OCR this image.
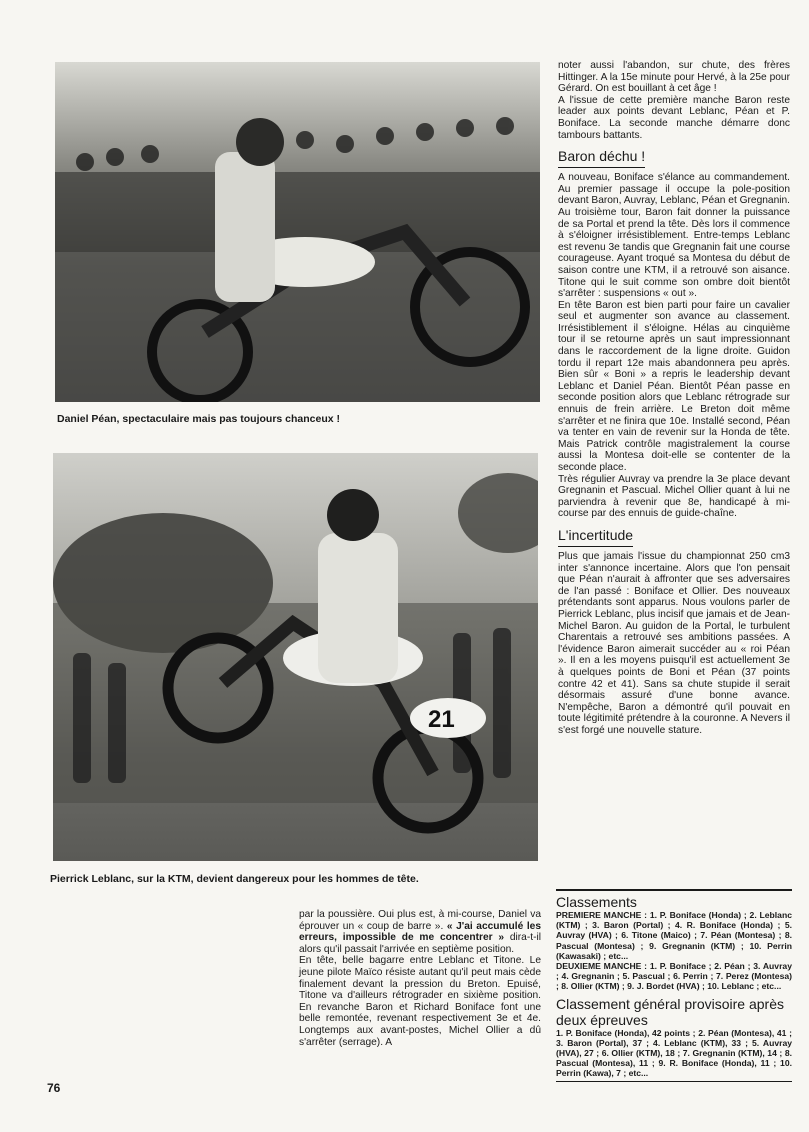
Daniel Péan, spectaculaire mais pas toujours chanceux !
21
Pierrick Leblanc, sur la KTM, devient dangereux pour les hommes de tête.

par la poussière. Oui plus est, à mi-course, Daniel va éprouver un « coup de barre ». « J'ai accumulé les erreurs, impossible de me concentrer » dira-t-il alors qu'il passait l'arrivée en septième position.

En tête, belle bagarre entre Leblanc et Titone. Le jeune pilote Maïco résiste autant qu'il peut mais cède finalement devant la pression du Breton. Epuisé, Titone va d'ailleurs rétrograder en sixième position. En revanche Baron et Richard Boniface font une belle remontée, revenant respectivement 3e et 4e. Longtemps aux avant-postes, Michel Ollier a dû s'arrêter (serrage). A

noter aussi l'abandon, sur chute, des frères Hittinger. A la 15e minute pour Hervé, à la 25e pour Gérard. On est bouillant à cet âge !

A l'issue de cette première manche Baron reste leader aux points devant Leblanc, Péan et P. Boniface. La seconde manche démarre donc tambours battants.

Baron déchu !

A nouveau, Boniface s'élance au commandement. Au premier passage il occupe la pole-position devant Baron, Auvray, Leblanc, Péan et Gregnanin.

Au troisième tour, Baron fait donner la puissance de sa Portal et prend la tête. Dès lors il commence à s'éloigner irrésistiblement. Entre-temps Leblanc est revenu 3e tandis que Gregnanin fait une course courageuse. Ayant troqué sa Montesa du début de saison contre une KTM, il a retrouvé son aisance. Titone qui le suit comme son ombre doit bientôt s'arrêter : suspensions « out ».

En tête Baron est bien parti pour faire un cavalier seul et augmenter son avance au classement. Irrésistiblement il s'éloigne. Hélas au cinquième tour il se retourne après un saut impressionnant dans le raccordement de la ligne droite. Guidon tordu il repart 12e mais abandonnera peu après. Bien sûr « Boni » a repris le leadership devant Leblanc et Daniel Péan. Bientôt Péan passe en seconde position alors que Leblanc rétrograde sur ennuis de frein arrière. Le Breton doit même s'arrêter et ne finira que 10e. Installé second, Péan va tenter en vain de revenir sur la Honda de tête. Mais Patrick contrôle magistralement la course aussi la Montesa doit-elle se contenter de la seconde place.

Très régulier Auvray va prendre la 3e place devant Gregnanin et Pascual. Michel Ollier quant à lui ne parviendra à revenir que 8e, handicapé à mi-course par des ennuis de guide-chaîne.

L'incertitude

Plus que jamais l'issue du championnat 250 cm3 inter s'annonce incertaine. Alors que l'on pensait que Péan n'aurait à affronter que ses adversaires de l'an passé : Boniface et Ollier. Des nouveaux prétendants sont apparus. Nous voulons parler de Pierrick Leblanc, plus incisif que jamais et de Jean-Michel Baron. Au guidon de la Portal, le turbulent Charentais a retrouvé ses ambitions passées. A l'évidence Baron aimerait succéder au « roi Péan ». Il en a les moyens puisqu'il est actuellement 3e à quelques points de Boni et Péan (37 points contre 42 et 41). Sans sa chute stupide il serait désormais assuré d'une bonne avance. N'empêche, Baron a démontré qu'il pouvait en toute légitimité prétendre à la couronne. A Nevers il s'est forgé une nouvelle stature.

Classements
PREMIERE MANCHE : 1. P. Boniface (Honda) ; 2. Leblanc (KTM) ; 3. Baron (Portal) ; 4. R. Boniface (Honda) ; 5. Auvray (HVA) ; 6. Titone (Maico) ; 7. Péan (Montesa) ; 8. Pascual (Montesa) ; 9. Gregnanin (KTM) ; 10. Perrin (Kawasaki) ; etc...
DEUXIEME MANCHE : 1. P. Boniface ; 2. Péan ; 3. Auvray ; 4. Gregnanin ; 5. Pascual ; 6. Perrin ; 7. Perez (Montesa) ; 8. Ollier (KTM) ; 9. J. Bordet (HVA) ; 10. Leblanc ; etc...
Classement général provisoire après deux épreuves
1. P. Boniface (Honda), 42 points ; 2. Péan (Montesa), 41 ; 3. Baron (Portal), 37 ; 4. Leblanc (KTM), 33 ; 5. Auvray (HVA), 27 ; 6. Ollier (KTM), 18 ; 7. Gregnanin (KTM), 14 ; 8. Pascual (Montesa), 11 ; 9. R. Boniface (Honda), 11 ; 10. Perrin (Kawa), 7 ; etc...
76
